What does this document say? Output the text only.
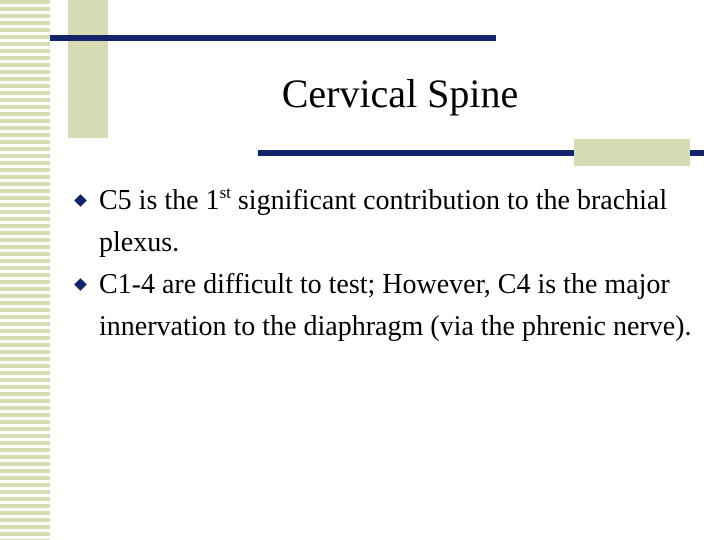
Cervical Spine
C5 is the 1st significant contribution to the brachial plexus.
C1-4 are difficult to test; However, C4 is the major innervation to the diaphragm (via the phrenic nerve).
